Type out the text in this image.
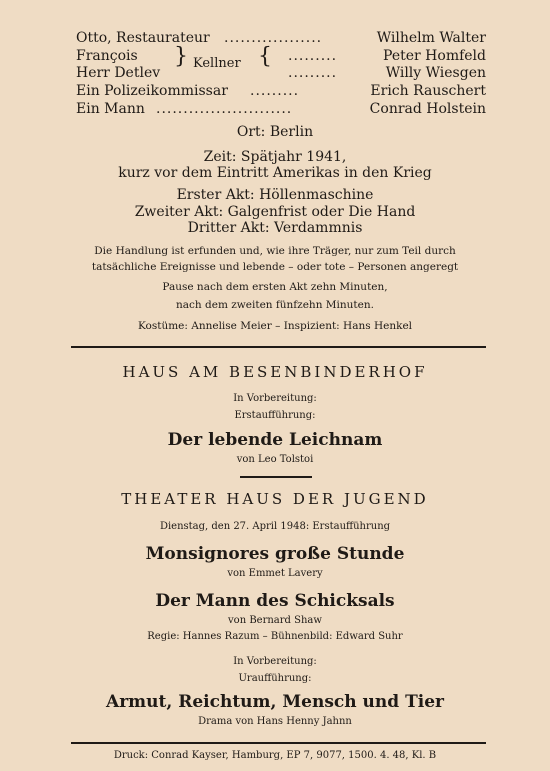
Otto, Restaurateur ..................	Wilhelm Walter
François	.........	Peter Homfeld
Herr Detlev	.........	Willy Wiesgen
} Kellner {
Ein Polizeikommissar .........	Erich Rauschert
Ein Mann .........................	Conrad Holstein
Ort: Berlin
Zeit: Spätjahr 1941,
kurz vor dem Eintritt Amerikas in den Krieg
Erster Akt: Höllenmaschine
Zweiter Akt: Galgenfrist oder Die Hand
Dritter Akt: Verdammnis
Die Handlung ist erfunden und, wie ihre Träger, nur zum Teil durch
tatsächliche Ereignisse und lebende – oder tote – Personen angeregt
Pause nach dem ersten Akt zehn Minuten,
nach dem zweiten fünfzehn Minuten.
Kostüme: Annelise Meier – Inspizient: Hans Henkel
HAUS AM BESENBINDERHOF
In Vorbereitung:
Erstaufführung:
Der lebende Leichnam
von Leo Tolstoi
THEATER HAUS DER JUGEND
Dienstag, den 27. April 1948: Erstaufführung
Monsignores große Stunde
von Emmet Lavery
Der Mann des Schicksals
von Bernard Shaw
Regie: Hannes Razum – Bühnenbild: Edward Suhr
In Vorbereitung:
Uraufführung:
Armut, Reichtum, Mensch und Tier
Drama von Hans Henny Jahnn
Druck: Conrad Kayser, Hamburg, EP 7, 9077, 1500. 4. 48, Kl. B
